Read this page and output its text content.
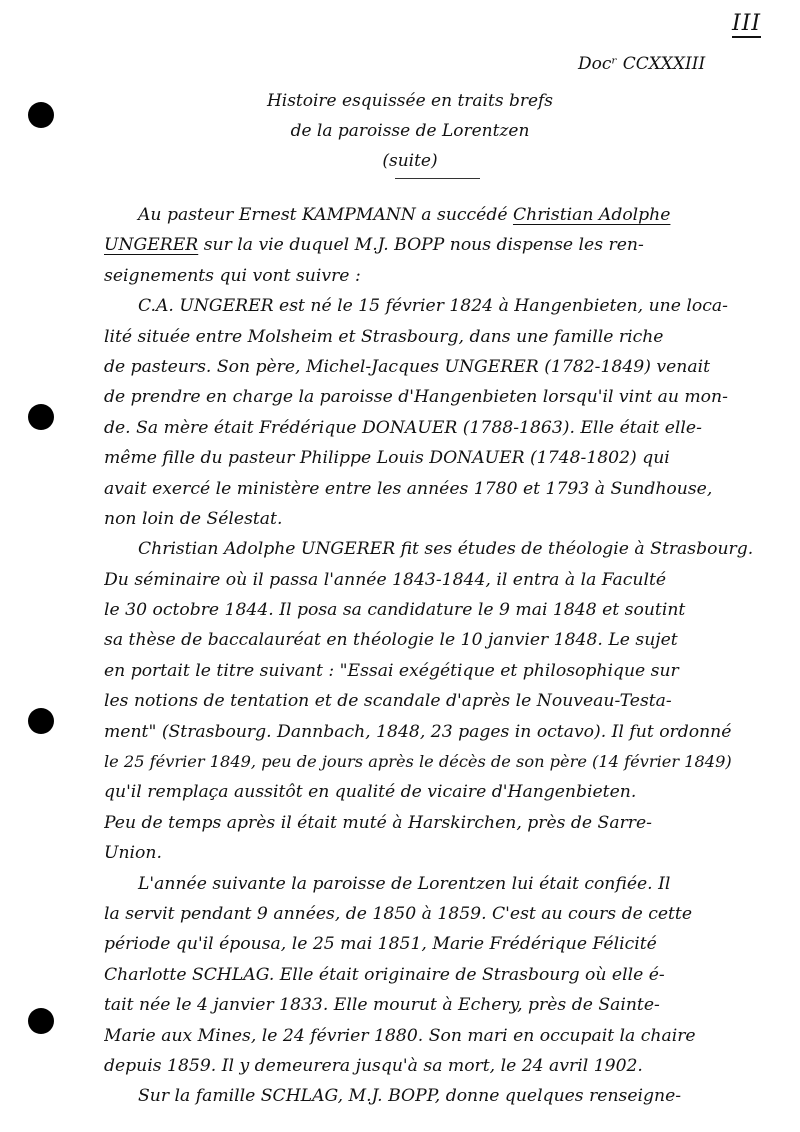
III
Docʳ CCXXXIII
Histoire esquissée en traits brefs
de la paroisse de Lorentzen
(suite)
Au pasteur Ernest KAMPMANN a succédé Christian Adolphe
UNGERER sur la vie duquel M.J. BOPP nous dispense les ren-
seignements qui vont suivre :
C.A. UNGERER est né le 15 février 1824 à Hangenbieten, une loca-
lité située entre Molsheim et Strasbourg, dans une famille riche
de pasteurs. Son père, Michel-Jacques UNGERER (1782-1849) venait
de prendre en charge la paroisse d'Hangenbieten lorsqu'il vint au mon-
de. Sa mère était Frédérique DONAUER (1788-1863). Elle était elle-
même fille du pasteur Philippe Louis DONAUER (1748-1802) qui
avait exercé le ministère entre les années 1780 et 1793 à Sundhouse,
non loin de Sélestat.
Christian Adolphe UNGERER fit ses études de théologie à Strasbourg.
Du séminaire où il passa l'année 1843-1844, il entra à la Faculté
le 30 octobre 1844. Il posa sa candidature le 9 mai 1848 et soutint
sa thèse de baccalauréat en théologie le 10 janvier 1848. Le sujet
en portait le titre suivant : "Essai exégétique et philosophique sur
les notions de tentation et de scandale d'après le Nouveau-Testa-
ment" (Strasbourg. Dannbach, 1848, 23 pages in octavo). Il fut ordonné
le 25 février 1849, peu de jours après le décès de son père (14 février 1849)
qu'il remplaça aussitôt en qualité de vicaire d'Hangenbieten.
Peu de temps après il était muté à Harskirchen, près de Sarre-
Union.
L'année suivante la paroisse de Lorentzen lui était confiée. Il
la servit pendant 9 années, de 1850 à 1859. C'est au cours de cette
période qu'il épousa, le 25 mai 1851, Marie Frédérique Félicité
Charlotte SCHLAG. Elle était originaire de Strasbourg où elle é-
tait née le 4 janvier 1833. Elle mourut à Echery, près de Sainte-
Marie aux Mines, le 24 février 1880. Son mari en occupait la chaire
depuis 1859. Il y demeurera jusqu'à sa mort, le 24 avril 1902.
Sur la famille SCHLAG, M.J. BOPP, donne quelques renseigne-
